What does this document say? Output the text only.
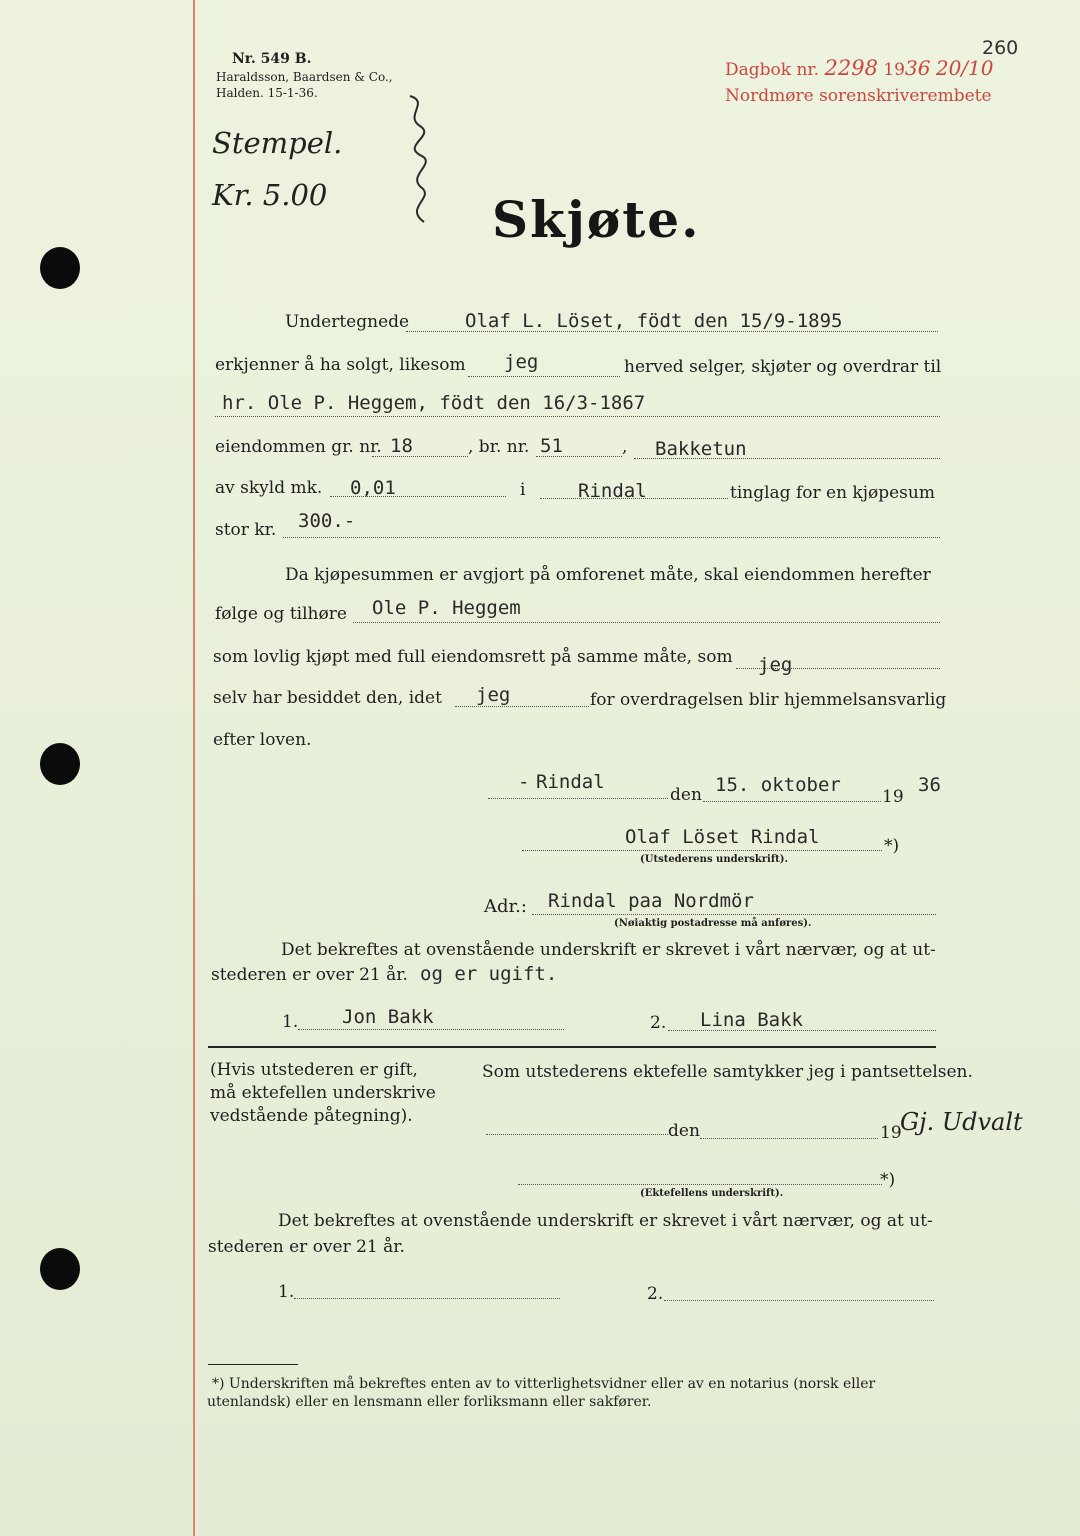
Nr. 549 B.
Haraldsson, Baardsen & Co.,
Halden. 15-1-36.
Dagbok nr. 2298 1936 20/10
Nordmøre sorenskriverembete
260
Stempel.
Kr. 5.00	Skjøte.
Undertegnede	Olaf L. Löset, födt den 15/9-1895
erkjenner å ha solgt, likesom jeg	herved selger, skjøter og overdrar til
hr. Ole P. Heggem, födt den 16/3-1867
eiendommen gr. nr. 18	, br. nr. 51	, Bakketun
av skyld mk. 0,01	i	Rindal	tinglag for en kjøpesum
stor kr. 300.-
Da kjøpesummen er avgjort på omforenet måte, skal eiendommen herefter
følge og tilhøre Ole P. Heggem
som lovlig kjøpt med full eiendomsrett på samme måte, som jeg
selv har besiddet den, idet jeg	for overdragelsen blir hjemmelsansvarlig
efter loven.
- Rindal
den 15. oktober
19
36
Olaf Löset Rindal	*)
(Utstederens underskrift).
Adr.: Rindal paa Nordmör
(Nøiaktig postadresse må anføres).
Det bekreftes at ovenstående underskrift er skrevet i vårt nærvær, og at ut-
stederen er over 21 år. og er ugift.
1. Jon Bakk	2. Lina Bakk
(Hvis utstederen er gift,
må ektefellen underskrive
vedstående påtegning).
Som utstederens ektefelle samtykker jeg i pantsettelsen.
den	19
Gj. Udvalt
*)
(Ektefellens underskrift).
Det bekreftes at ovenstående underskrift er skrevet i vårt nærvær, og at ut-
stederen er over 21 år.
1.	2.
*) Underskriften må bekreftes enten av to vitterlighetsvidner eller av en notarius (norsk eller
utenlandsk) eller en lensmann eller forliksmann eller sakfører.
